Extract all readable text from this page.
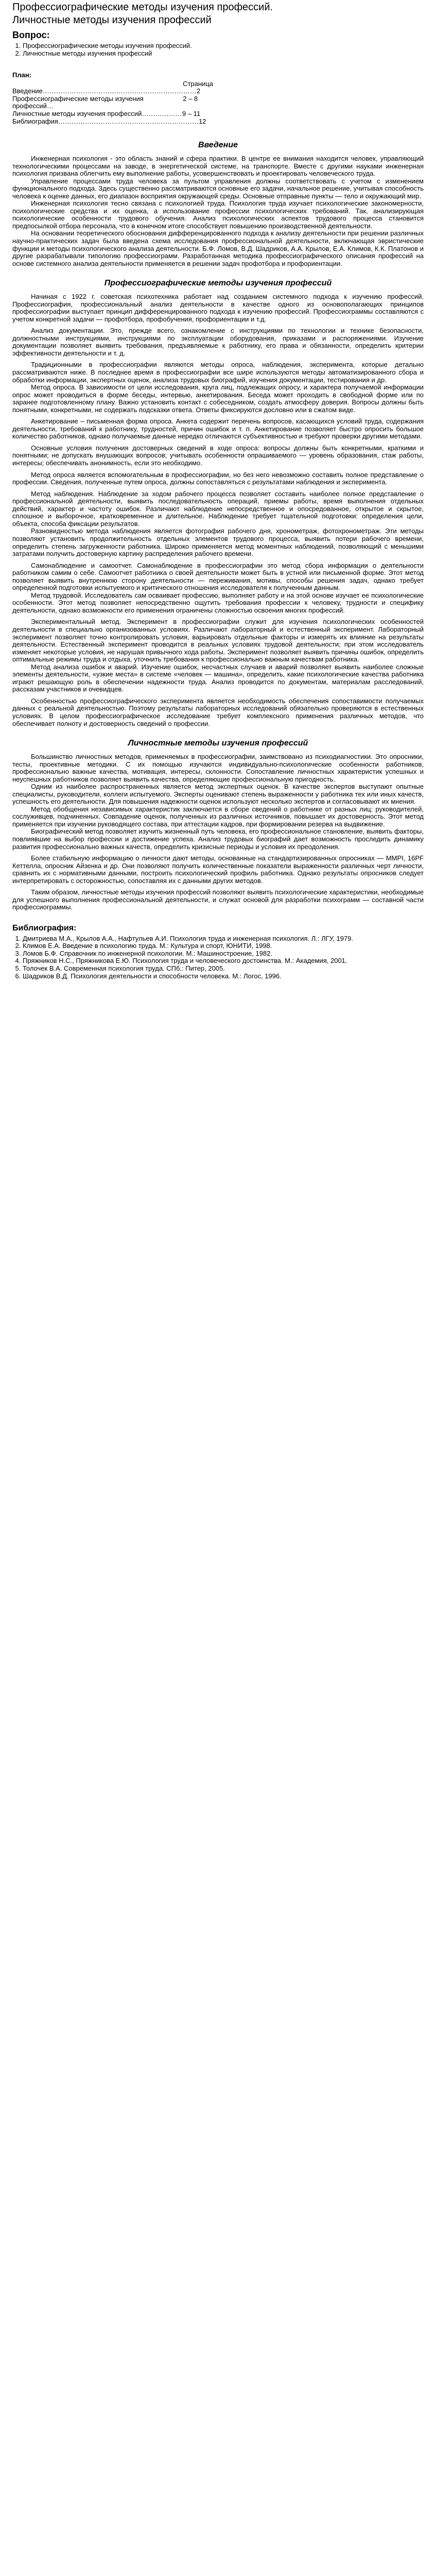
Профессиографические методы изучения профессий.
Личностные методы изучения профессий
Вопрос:
1. Профессиографические методы изучения профессий.
2. Личностные методы изучения профессий
План:
Страница
Введение…………………………………………………………… 2
Профессиографические методы изучения профессий…
2 – 8
Личностные методы изучения профессий……………… 9 – 11
Библиография……………………………………………………… 12
Введение

Инженерная психология - это область знаний и сфера практики. В центре ее внимания находится человек, управляющий технологическими процессами на заводе, в энергетической системе, на транспорте. Вместе с другими науками инженерная психология призвана облегчить ему выполнение работы, усовершенствовать и проектировать человеческого труда.

Управление процессами труда человека за пультом управления должны соответствовать с учетом с изменением функционального подхода. Здесь существенно рассматриваются основные его задачи, начальное решение, учитывая способность человека к оценке данных, его диапазон восприятия окружающей среды. Основные отправные пункты — тело и окружающий мир.

Инженерная психология тесно связана с психологией труда. Психология труда изучает психологические закономерности, психологические средства и их оценка, а использование профессии психологических требований. Так, анализирующая психологические особенности трудового обучения. Анализ психологических аспектов трудового процесса становится предпосылкой отбора персонала, что в конечном итоге способствует повышению производственной деятельности.

На основании теоретического обоснования дифференцированного подхода к анализу деятельности при решении различных научно-практических задач была введена схема исследования профессиональной деятельности, включающая эвристические функции и методы психологического анализа деятельности. Б.Ф. Ломов, В.Д. Шадриков, А.А. Крылов, Е.А. Климов, К.К. Платонов и другие разрабатывали типологию профессиограмм. Разработанная методика профессиографического описания профессий на основе системного анализа деятельности применяется в решении задач профотбора и профориентации.

Профессиографические методы изучения профессий

Начиная с 1922 г. советская психотехника работает над созданием системного подхода к изучению профессий. Профессиография, профессиональный анализ деятельности в качестве одного из основополагающих принципов профессиографии выступает принцип дифференцированного подхода к изучению профессий. Профессиограммы составляются с учетом конкретной задачи — профотбора, профобучения, профориентации и т.д.

Анализ документации. Это, прежде всего, ознакомление с инструкциями по технологии и технике безопасности, должностными инструкциями, инструкциями по эксплуатации оборудования, приказами и распоряжениями. Изучение документации позволяет выявить требования, предъявляемые к работнику, его права и обязанности, определить критерии эффективности деятельности и т. д.

Традиционными в профессиографии являются методы опроса, наблюдения, эксперимента, которые детально рассматриваются ниже. В последнее время в профессиографии все шире используются методы автоматизированного сбора и обработки информации, экспертных оценок, анализа трудовых биографий, изучения документации, тестирования и др.

Метод опроса. В зависимости от цели исследования, круга лиц, подлежащих опросу, и характера получаемой информации опрос может проводиться в форме беседы, интервью, анкетирования. Беседа может проходить в свободной форме или по заранее подготовленному плану. Важно установить контакт с собеседником, создать атмосферу доверия. Вопросы должны быть понятными, конкретными, не содержать подсказки ответа. Ответы фиксируются дословно или в сжатом виде.

Анкетирование – письменная форма опроса. Анкета содержит перечень вопросов, касающихся условий труда, содержания деятельности, требований к работнику, трудностей, причин ошибок и т. п. Анкетирование позволяет быстро опросить большое количество работников, однако получаемые данные нередко отличаются субъективностью и требуют проверки другими методами.

Основные условия получения достоверных сведений в ходе опроса: вопросы должны быть конкретными, краткими и понятными; не допускать внушающих вопросов; учитывать особенности опрашиваемого — уровень образования, стаж работы, интересы; обеспечивать анонимность, если это необходимо.

Метод опроса является вспомогательным в профессиографии, но без него невозможно составить полное представление о профессии. Сведения, полученные путем опроса, должны сопоставляться с результатами наблюдения и эксперимента.

Метод наблюдения. Наблюдение за ходом рабочего процесса позволяет составить наиболее полное представление о профессиональной деятельности, выявить последовательность операций, приемы работы, время выполнения отдельных действий, характер и частоту ошибок. Различают наблюдение непосредственное и опосредованное, открытое и скрытое, сплошное и выборочное, кратковременное и длительное. Наблюдение требует тщательной подготовки: определения цели, объекта, способа фиксации результатов.

Разновидностью метода наблюдения является фотография рабочего дня, хронометраж, фотохронометраж. Эти методы позволяют установить продолжительность отдельных элементов трудового процесса, выявить потери рабочего времени, определить степень загруженности работника. Широко применяется метод моментных наблюдений, позволяющий с меньшими затратами получить достоверную картину распределения рабочего времени.

Самонаблюдение и самоотчет. Самонаблюдение в профессиографии это метод сбора информации о деятельности работником самим о себе. Самоотчет работника о своей деятельности может быть в устной или письменной форме. Этот метод позволяет выявить внутреннюю сторону деятельности — переживания, мотивы, способы решения задач, однако требует определенной подготовки испытуемого и критического отношения исследователя к полученным данным.

Метод трудовой. Исследователь сам осваивает профессию, выполняет работу и на этой основе изучает ее психологические особенности. Этот метод позволяет непосредственно ощутить требования профессии к человеку, трудности и специфику деятельности, однако возможности его применения ограничены сложностью освоения многих профессий.

Экспериментальный метод. Эксперимент в профессиографии служит для изучения психологических особенностей деятельности в специально организованных условиях. Различают лабораторный и естественный эксперимент. Лабораторный эксперимент позволяет точно контролировать условия, варьировать отдельные факторы и измерять их влияние на результаты деятельности. Естественный эксперимент проводится в реальных условиях трудовой деятельности; при этом исследователь изменяет некоторые условия, не нарушая привычного хода работы. Эксперимент позволяет выявить причины ошибок, определить оптимальные режимы труда и отдыха, уточнить требования к профессионально важным качествам работника.

Метод анализа ошибок и аварий. Изучение ошибок, несчастных случаев и аварий позволяет выявить наиболее сложные элементы деятельности, «узкие места» в системе «человек — машина», определить, какие психологические качества работника играют решающую роль в обеспечении надежности труда. Анализ проводится по документам, материалам расследований, рассказам участников и очевидцев.

Особенностью профессиографического эксперимента является необходимость обеспечения сопоставимости получаемых данных с реальной деятельностью. Поэтому результаты лабораторных исследований обязательно проверяются в естественных условиях. В целом профессиографическое исследование требует комплексного применения различных методов, что обеспечивает полноту и достоверность сведений о профессии.

Личностные методы изучения профессий

Большинство личностных методов, применяемых в профессиографии, заимствовано из психодиагностики. Это опросники, тесты, проективные методики. С их помощью изучаются индивидуально-психологические особенности работников, профессионально важные качества, мотивация, интересы, склонности. Сопоставление личностных характеристик успешных и неуспешных работников позволяет выявить качества, определяющие профессиональную пригодность.

Одним из наиболее распространенных является метод экспертных оценок. В качестве экспертов выступают опытные специалисты, руководители, коллеги испытуемого. Эксперты оценивают степень выраженности у работника тех или иных качеств, успешность его деятельности. Для повышения надежности оценок используют несколько экспертов и согласовывают их мнения.

Метод обобщения независимых характеристик заключается в сборе сведений о работнике от разных лиц: руководителей, сослуживцев, подчиненных. Совпадение оценок, полученных из различных источников, повышает их достоверность. Этот метод применяется при изучении руководящего состава, при аттестации кадров, при формировании резерва на выдвижение.

Биографический метод позволяет изучить жизненный путь человека, его профессиональное становление, выявить факторы, повлиявшие на выбор профессии и достижение успеха. Анализ трудовых биографий дает возможность проследить динамику развития профессионально важных качеств, определить кризисные периоды и условия их преодоления.

Более стабильную информацию о личности дают методы, основанные на стандартизированных опросниках — MMPI, 16PF Кеттелла, опросник Айзенка и др. Они позволяют получить количественные показатели выраженности различных черт личности, сравнить их с нормативными данными, построить психологический профиль работника. Однако результаты опросников следует интерпретировать с осторожностью, сопоставляя их с данными других методов.

Таким образом, личностные методы изучения профессий позволяют выявить психологические характеристики, необходимые для успешного выполнения профессиональной деятельности, и служат основой для разработки психограмм — составной части профессиограммы.

Библиография:
1. Дмитриева М.А., Крылов А.А., Нафтульев А.И. Психология труда и инженерная психология. Л.: ЛГУ, 1979.
2. Климов Е.А. Введение в психологию труда. М.: Культура и спорт, ЮНИТИ, 1998.
3. Ломов Б.Ф. Справочник по инженерной психологии. М.: Машиностроение, 1982.
4. Пряжников Н.С., Пряжникова Е.Ю. Психология труда и человеческого достоинства. М.: Академия, 2001.
5. Толочек В.А. Современная психология труда. СПб.: Питер, 2005.
6. Шадриков В.Д. Психология деятельности и способности человека. М.: Логос, 1996.
